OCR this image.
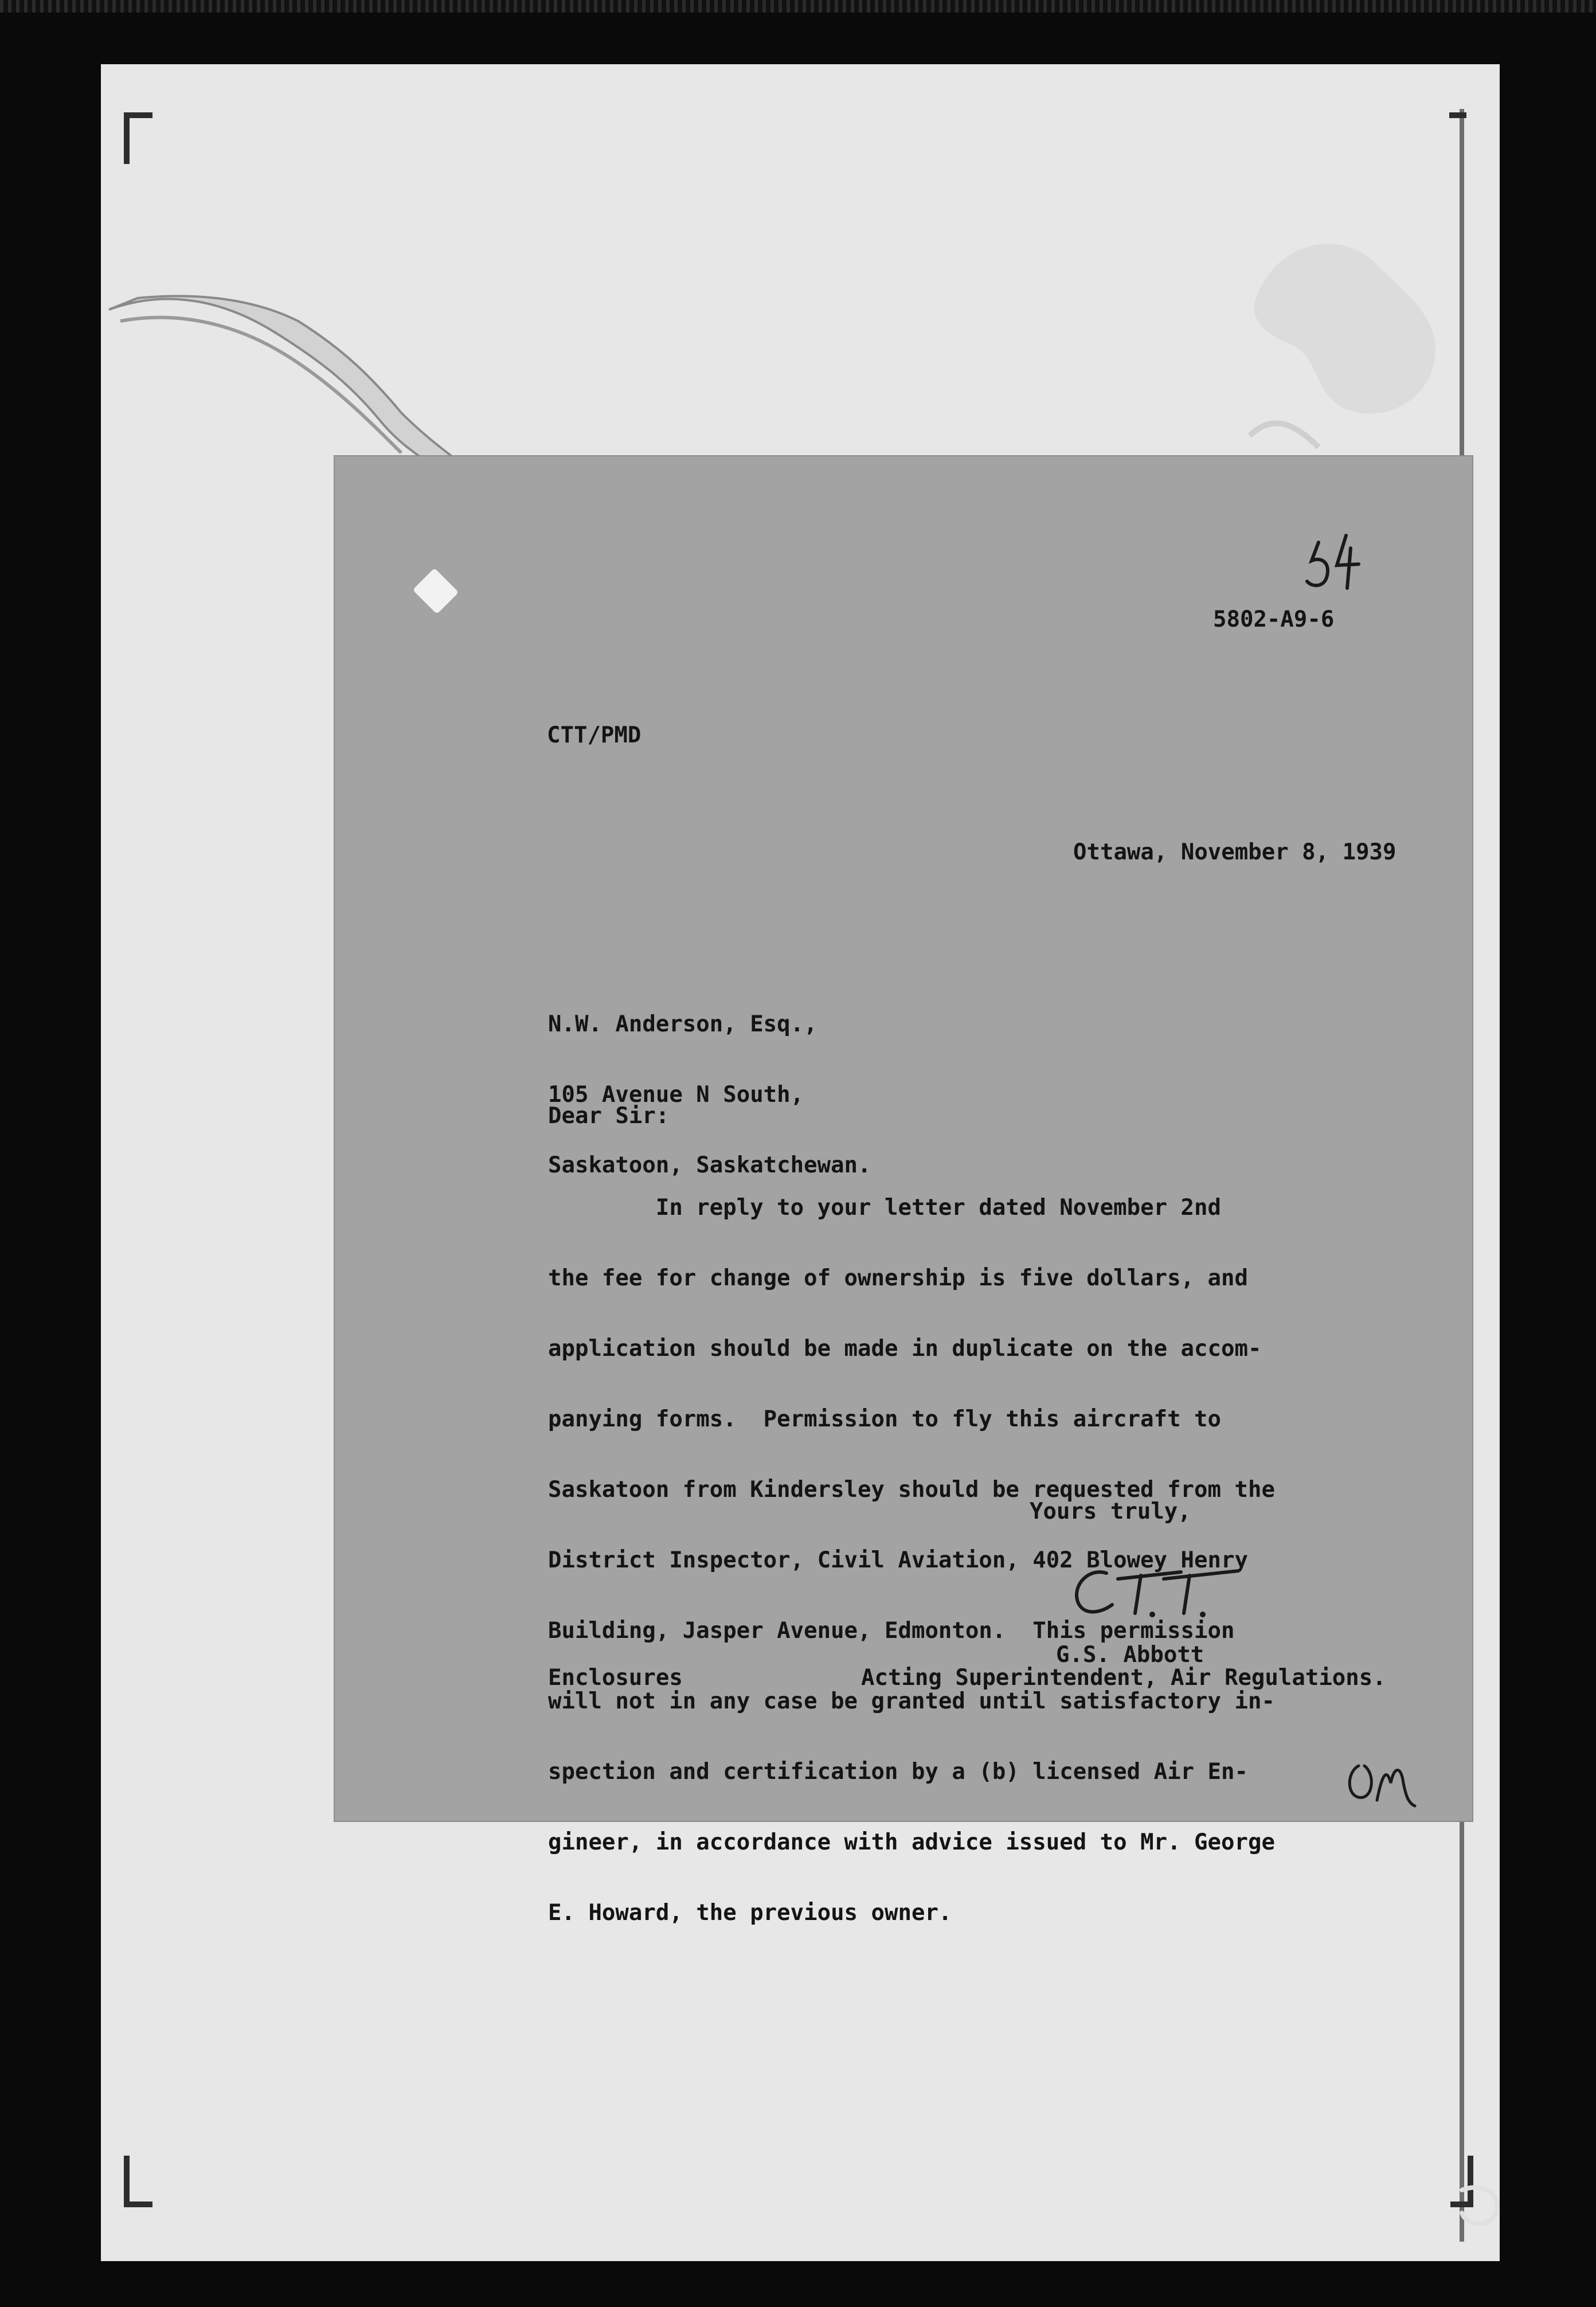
5802-A9-6
CTT/PMD
Ottawa, November 8, 1939

N.W. Anderson, Esq.,

105 Avenue N South,

Saskatoon, Saskatchewan.

Dear Sir:

In reply to your letter dated November 2nd

the fee for change of ownership is five dollars, and

application should be made in duplicate on the accom-

panying forms.  Permission to fly this aircraft to

Saskatoon from Kindersley should be requested from the

District Inspector, Civil Aviation, 402 Blowey Henry

Building, Jasper Avenue, Edmonton.  This permission

will not in any case be granted until satisfactory in-

spection and certification by a (b) licensed Air En-

gineer, in accordance with advice issued to Mr. George

E. Howard, the previous owner.

Yours truly,
G.S. Abbott
Enclosures	Acting Superintendent, Air Regulations.
